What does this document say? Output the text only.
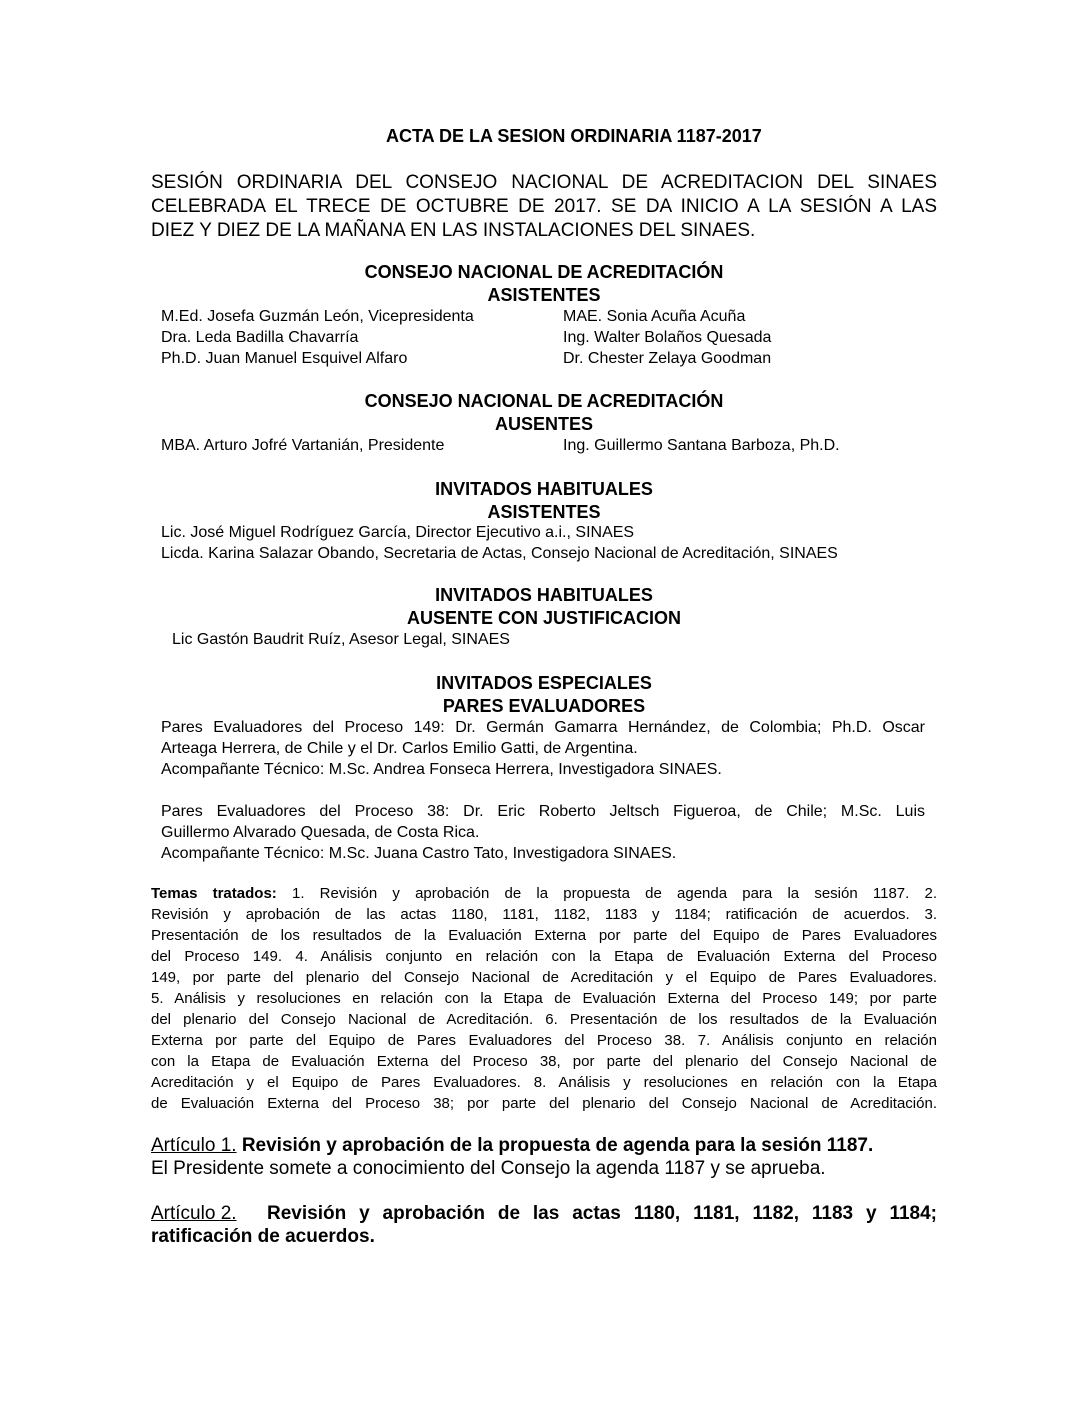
ACTA DE LA SESION ORDINARIA 1187-2017
SESIÓN ORDINARIA DEL CONSEJO NACIONAL DE ACREDITACION DEL SINAES
CELEBRADA EL TRECE DE OCTUBRE DE 2017. SE DA INICIO A LA SESIÓN A LAS
DIEZ Y DIEZ DE LA MAÑANA EN LAS INSTALACIONES DEL SINAES.
CONSEJO NACIONAL DE ACREDITACIÓN
ASISTENTES
M.Ed. Josefa Guzmán León, Vicepresidenta
Dra. Leda Badilla Chavarría
Ph.D. Juan Manuel Esquivel Alfaro
MAE. Sonia Acuña Acuña
Ing. Walter Bolaños Quesada
Dr. Chester Zelaya Goodman
CONSEJO NACIONAL DE ACREDITACIÓN
AUSENTES
MBA. Arturo Jofré Vartanián, Presidente	Ing. Guillermo Santana Barboza, Ph.D.
INVITADOS HABITUALES
ASISTENTES
Lic. José Miguel Rodríguez García, Director Ejecutivo a.i., SINAES
Licda. Karina Salazar Obando, Secretaria de Actas, Consejo Nacional de Acreditación, SINAES
INVITADOS HABITUALES
AUSENTE CON JUSTIFICACION
Lic Gastón Baudrit Ruíz, Asesor Legal, SINAES
INVITADOS ESPECIALES
PARES EVALUADORES
Pares Evaluadores del Proceso 149: Dr. Germán Gamarra Hernández, de Colombia; Ph.D. Oscar
Arteaga Herrera, de Chile y el Dr. Carlos Emilio Gatti, de Argentina.
Acompañante Técnico: M.Sc. Andrea Fonseca Herrera, Investigadora SINAES.
Pares Evaluadores del Proceso 38: Dr. Eric Roberto Jeltsch Figueroa, de Chile; M.Sc. Luis
Guillermo Alvarado Quesada, de Costa Rica.
Acompañante Técnico: M.Sc. Juana Castro Tato, Investigadora SINAES.
Temas tratados: 1. Revisión y aprobación de la propuesta de agenda para la sesión 1187. 2.
Revisión y aprobación de las actas 1180, 1181, 1182, 1183 y 1184; ratificación de acuerdos. 3.
Presentación de los resultados de la Evaluación Externa por parte del Equipo de Pares Evaluadores
del Proceso 149. 4. Análisis conjunto en relación con la Etapa de Evaluación Externa del Proceso
149, por parte del plenario del Consejo Nacional de Acreditación y el Equipo de Pares Evaluadores.
5. Análisis y resoluciones en relación con la Etapa de Evaluación Externa del Proceso 149; por parte
del plenario del Consejo Nacional de Acreditación. 6. Presentación de los resultados de la Evaluación
Externa por parte del Equipo de Pares Evaluadores del Proceso 38. 7. Análisis conjunto en relación
con la Etapa de Evaluación Externa del Proceso 38, por parte del plenario del Consejo Nacional de
Acreditación y el Equipo de Pares Evaluadores. 8. Análisis y resoluciones en relación con la Etapa
de Evaluación Externa del Proceso 38; por parte del plenario del Consejo Nacional de Acreditación.
Artículo 1. Revisión y aprobación de la propuesta de agenda para la sesión 1187.
El Presidente somete a conocimiento del Consejo la agenda 1187 y se aprueba.
Artículo 2. Revisión y aprobación de las actas 1180, 1181, 1182, 1183 y 1184;
ratificación de acuerdos.
